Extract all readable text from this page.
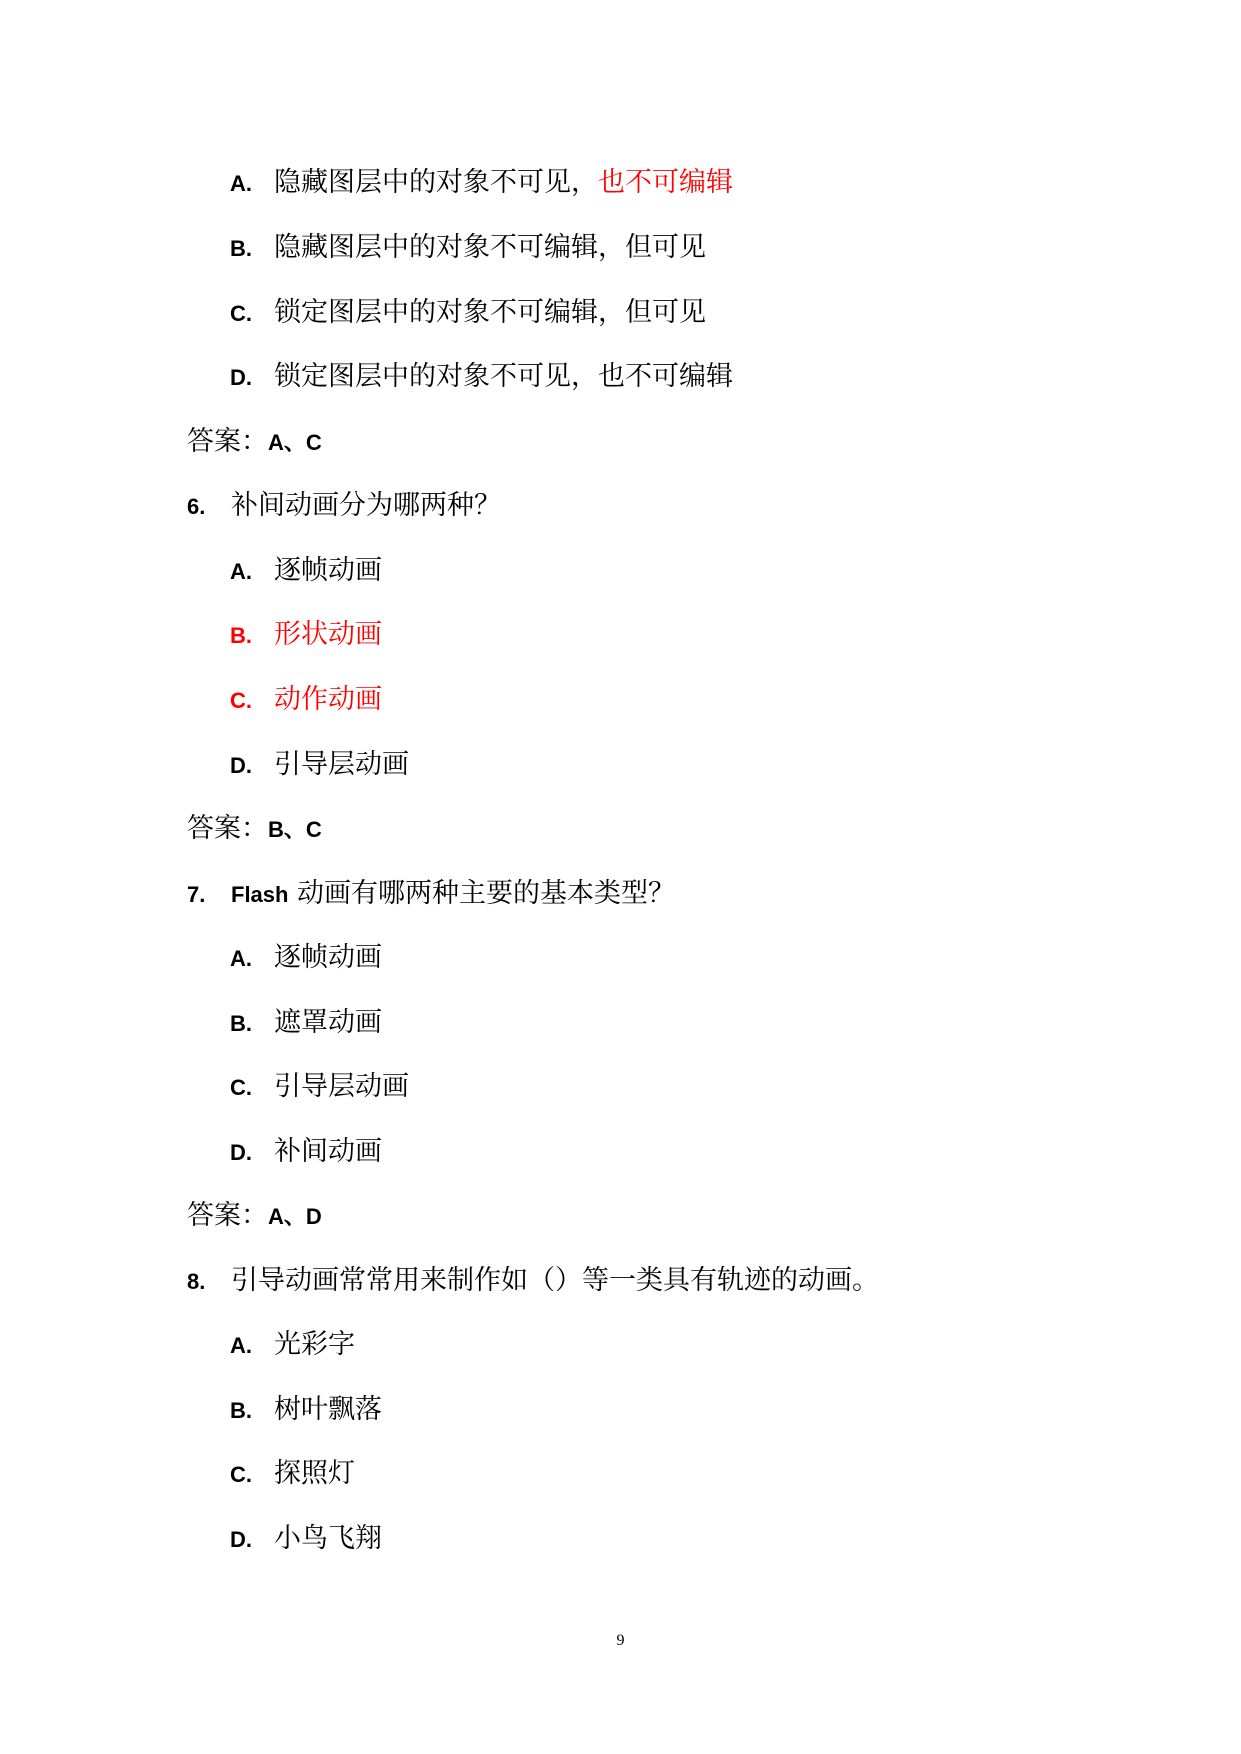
A. 隐藏图层中的对象不可见，也不可编辑
B. 隐藏图层中的对象不可编辑，但可见
C. 锁定图层中的对象不可编辑，但可见
D. 锁定图层中的对象不可见，也不可编辑
答案：A、C
6. 补间动画分为哪两种？
A. 逐帧动画
B. 形状动画
C. 动作动画
D. 引导层动画
答案：B、C
7. Flash 动画有哪两种主要的基本类型？
A. 逐帧动画
B. 遮罩动画
C. 引导层动画
D. 补间动画
答案：A、D
8. 引导动画常常用来制作如（）等一类具有轨迹的动画。
A. 光彩字
B. 树叶飘落
C. 探照灯
D. 小鸟飞翔
9
